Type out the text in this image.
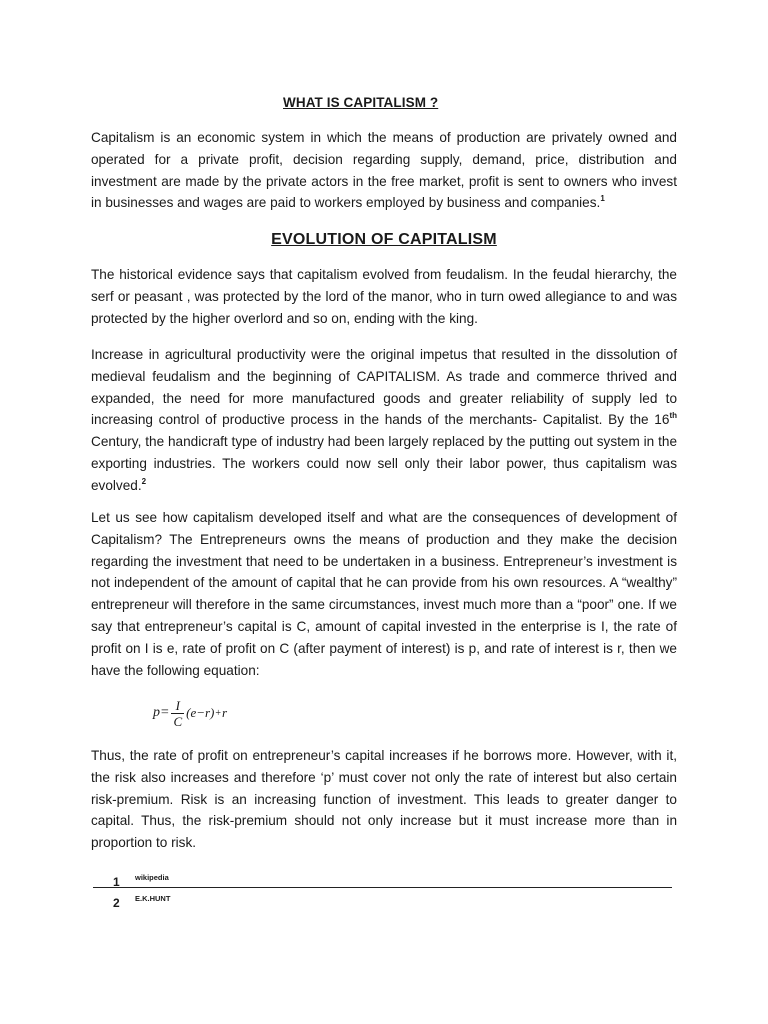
WHAT IS CAPITALISM ?

Capitalism is an economic system in which the means of production are privately owned and operated for a private profit, decision regarding supply, demand, price, distribution and investment are made by the private actors in the free market, profit is sent to owners who invest in businesses and wages are paid to workers employed by business and companies.$^1$

EVOLUTION OF CAPITALISM

The historical evidence says that capitalism evolved from feudalism. In the feudal hierarchy, the serf or peasant , was protected by the lord of the manor, who in turn owed allegiance to and was protected by the higher overlord and so on, ending with the king.

Increase in agricultural productivity were the original impetus that resulted in the dissolution of medieval feudalism and the beginning of CAPITALISM. As trade and commerce thrived and expanded, the need for more manufactured goods and greater reliability of supply led to increasing control of productive process in the hands of the merchants- Capitalist. By the 16th Century, the handicraft type of industry had been largely replaced by the putting out system in the exporting industries. The workers could now sell only their labor power, thus capitalism was evolved.$^2$

Let us see how capitalism developed itself and what are the consequences of development of Capitalism? The Entrepreneurs owns the means of production and they make the decision regarding the investment that need to be undertaken in a business. Entrepreneur’s investment is not independent of the amount of capital that he can provide from his own resources. A “wealthy” entrepreneur will therefore in the same circumstances, invest much more than a “poor” one. If we say that entrepreneur’s capital is C, amount of capital invested in the enterprise is I, the rate of profit on I is e, rate of profit on C (after payment of interest) is p, and rate of interest is r, then we have the following equation:

$p= \frac{I}{C} (e-r) + r$

Thus, the rate of profit on entrepreneur’s capital increases if he borrows more. However, with it, the risk also increases and therefore ‘p’ must cover not only the rate of interest but also certain risk-premium. Risk is an increasing function of investment. This leads to greater danger to capital. Thus, the risk-premium should not only increase but it must increase more than in proportion to risk.

1 wikipedia
2 E.K.HUNT
